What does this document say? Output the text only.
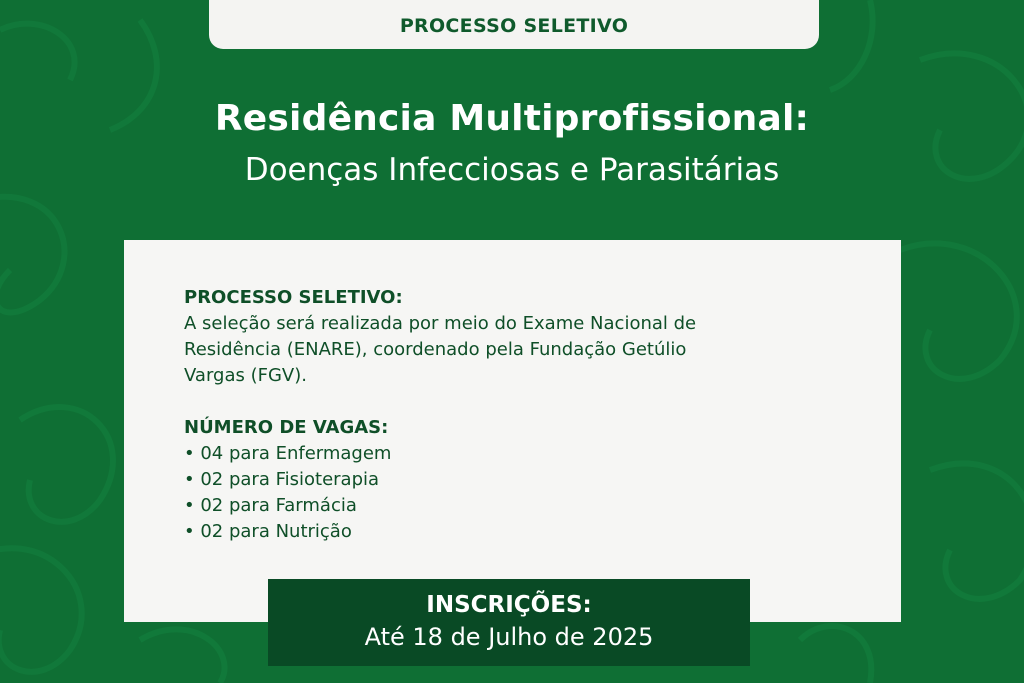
PROCESSO SELETIVO
Residência Multiprofissional:
Doenças Infecciosas e Parasitárias
PROCESSO SELETIVO:
A seleção será realizada por meio do Exame Nacional de
Residência (ENARE), coordenado pela Fundação Getúlio
Vargas (FGV).
NÚMERO DE VAGAS:
• 04 para Enfermagem
• 02 para Fisioterapia
• 02 para Farmácia
• 02 para Nutrição
INSCRIÇÕES:
Até 18 de Julho de 2025
